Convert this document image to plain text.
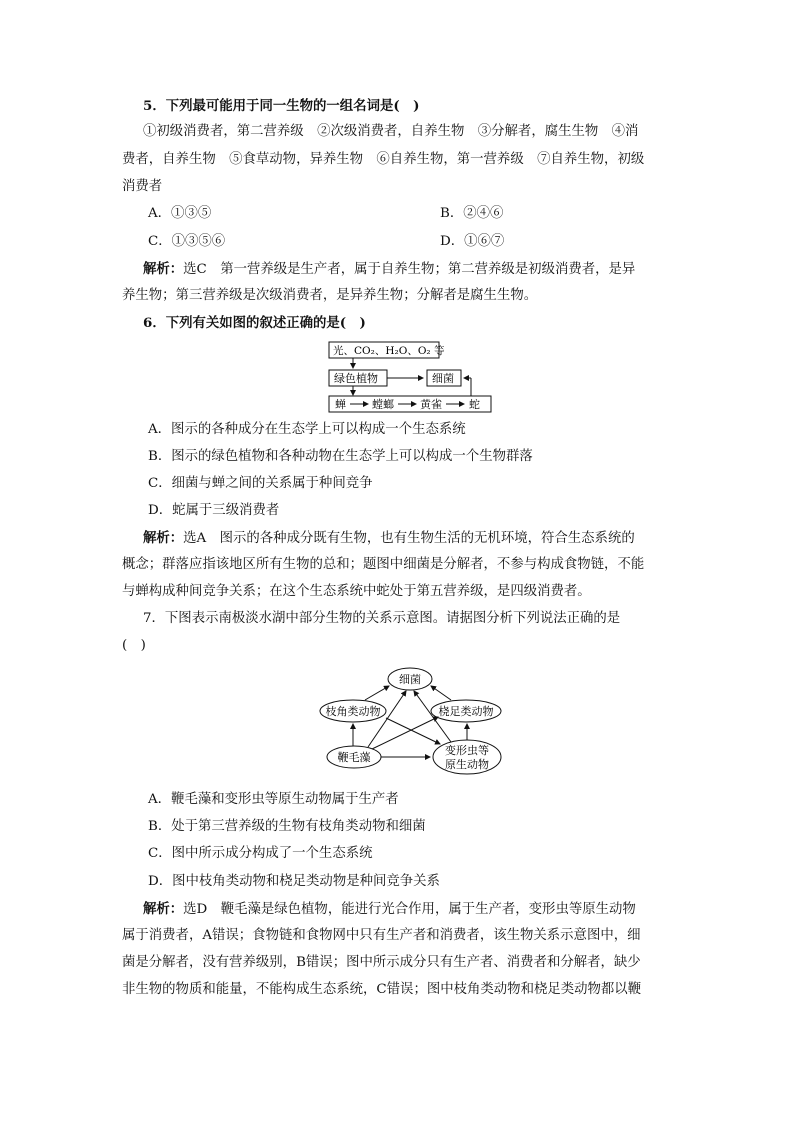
5．下列最可能用于同一生物的一组名词是(　)
①初级消费者，第二营养级　②次级消费者，自养生物　③分解者，腐生生物　④消
费者，自养生物　⑤食草动物，异养生物　⑥自养生物，第一营养级　⑦自养生物，初级
消费者
A．①③⑤	B．②④⑥
C．①③⑤⑥	D．①⑥⑦
解析：选C　第一营养级是生产者，属于自养生物；第二营养级是初级消费者，是异
养生物；第三营养级是次级消费者，是异养生物；分解者是腐生生物。
6．下列有关如图的叙述正确的是(　)
光、CO₂、H₂O、O₂ 等
绿色植物	细菌
蝉 螳螂 黄雀 蛇
A．图示的各种成分在生态学上可以构成一个生态系统
B．图示的绿色植物和各种动物在生态学上可以构成一个生物群落
C．细菌与蝉之间的关系属于种间竞争
D．蛇属于三级消费者
解析：选A　图示的各种成分既有生物，也有生物生活的无机环境，符合生态系统的
概念；群落应指该地区所有生物的总和；题图中细菌是分解者，不参与构成食物链，不能
与蝉构成种间竞争关系；在这个生态系统中蛇处于第五营养级，是四级消费者。
7．下图表示南极淡水湖中部分生物的关系示意图。请据图分析下列说法正确的是
(　)
细菌
枝角类动物	桡足类动物
鞭毛藻
变形虫等
原生动物
A．鞭毛藻和变形虫等原生动物属于生产者
B．处于第三营养级的生物有枝角类动物和细菌
C．图中所示成分构成了一个生态系统
D．图中枝角类动物和桡足类动物是种间竞争关系
解析：选D　鞭毛藻是绿色植物，能进行光合作用，属于生产者，变形虫等原生动物
属于消费者，A错误；食物链和食物网中只有生产者和消费者，该生物关系示意图中，细
菌是分解者，没有营养级别，B错误；图中所示成分只有生产者、消费者和分解者，缺少
非生物的物质和能量，不能构成生态系统，C错误；图中枝角类动物和桡足类动物都以鞭
